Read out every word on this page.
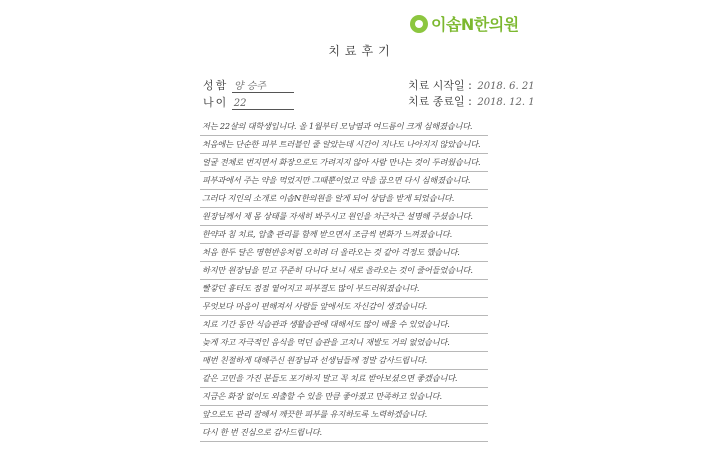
이솝N한의원
치료후기
성함 양 승주
나이 22
치료 시작일 : 2018. 6. 21
치료 종료일 : 2018. 12. 1
저는 22살의 대학생입니다. 올 1월부터 모낭염과 여드름이 크게 심해졌습니다.
처음에는 단순한 피부 트러블인 줄 알았는데 시간이 지나도 나아지지 않았습니다.
얼굴 전체로 번지면서 화장으로도 가려지지 않아 사람 만나는 것이 두려웠습니다.
피부과에서 주는 약을 먹었지만 그때뿐이었고 약을 끊으면 다시 심해졌습니다.
그러다 지인의 소개로 이솝N한의원을 알게 되어 상담을 받게 되었습니다.
원장님께서 제 몸 상태를 자세히 봐주시고 원인을 차근차근 설명해 주셨습니다.
한약과 침 치료, 압출 관리를 함께 받으면서 조금씩 변화가 느껴졌습니다.
처음 한두 달은 명현반응처럼 오히려 더 올라오는 것 같아 걱정도 했습니다.
하지만 원장님을 믿고 꾸준히 다니다 보니 새로 올라오는 것이 줄어들었습니다.
빨갛던 흉터도 점점 옅어지고 피부결도 많이 부드러워졌습니다.
무엇보다 마음이 편해져서 사람들 앞에서도 자신감이 생겼습니다.
치료 기간 동안 식습관과 생활습관에 대해서도 많이 배울 수 있었습니다.
늦게 자고 자극적인 음식을 먹던 습관을 고치니 재발도 거의 없었습니다.
매번 친절하게 대해주신 원장님과 선생님들께 정말 감사드립니다.
같은 고민을 가진 분들도 포기하지 말고 꼭 치료 받아보셨으면 좋겠습니다.
지금은 화장 없이도 외출할 수 있을 만큼 좋아졌고 만족하고 있습니다.
앞으로도 관리 잘해서 깨끗한 피부를 유지하도록 노력하겠습니다.
다시 한 번 진심으로 감사드립니다.
